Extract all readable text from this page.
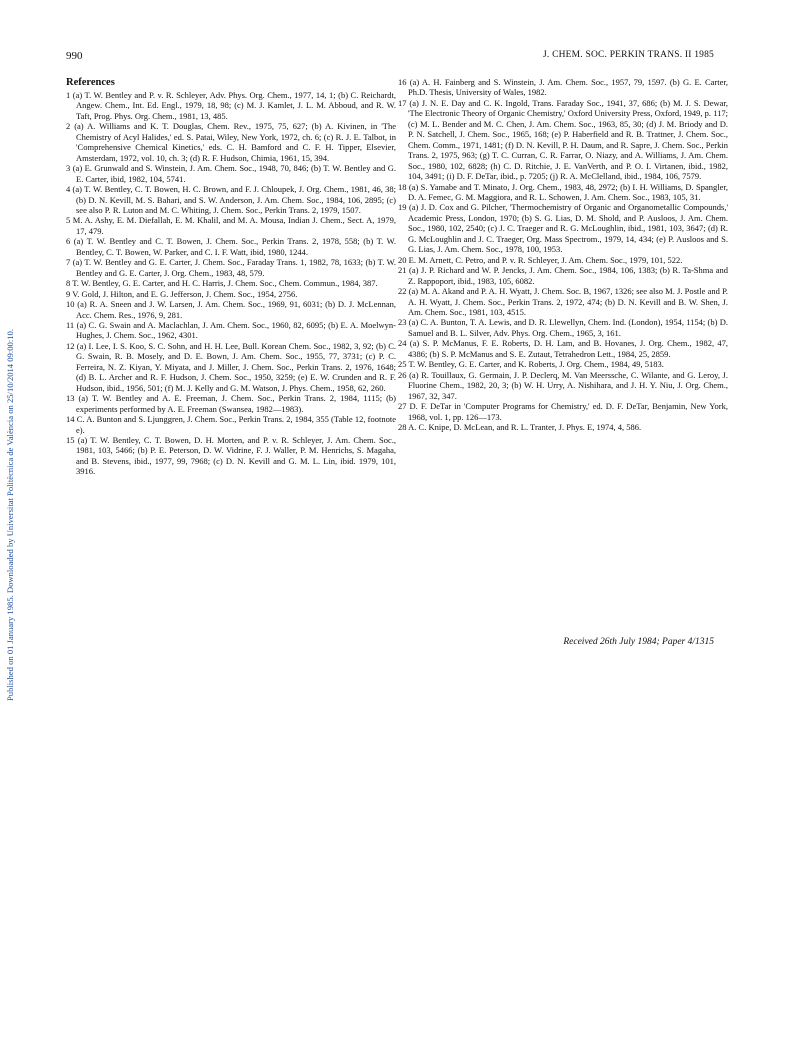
Published on 01 January 1985. Downloaded by Universitat Politècnica de València on 25/10/2014 09:00:10.
990	J. CHEM. SOC. PERKIN TRANS. II 1985
References

1 (a) T. W. Bentley and P. v. R. Schleyer, Adv. Phys. Org. Chem., 1977, 14, 1; (b) C. Reichardt, Angew. Chem., Int. Ed. Engl., 1979, 18, 98; (c) M. J. Kamlet, J. L. M. Abboud, and R. W. Taft, Prog. Phys. Org. Chem., 1981, 13, 485.

2 (a) A. Williams and K. T. Douglas, Chem. Rev., 1975, 75, 627; (b) A. Kivinen, in 'The Chemistry of Acyl Halides,' ed. S. Patai, Wiley, New York, 1972, ch. 6; (c) R. J. E. Talbot, in 'Comprehensive Chemical Kinetics,' eds. C. H. Bamford and C. F. H. Tipper, Elsevier, Amsterdam, 1972, vol. 10, ch. 3; (d) R. F. Hudson, Chimia, 1961, 15, 394.

3 (a) E. Grunwald and S. Winstein, J. Am. Chem. Soc., 1948, 70, 846; (b) T. W. Bentley and G. E. Carter, ibid, 1982, 104, 5741.

4 (a) T. W. Bentley, C. T. Bowen, H. C. Brown, and F. J. Chloupek, J. Org. Chem., 1981, 46, 38; (b) D. N. Kevill, M. S. Bahari, and S. W. Anderson, J. Am. Chem. Soc., 1984, 106, 2895; (c) see also P. R. Luton and M. C. Whiting, J. Chem. Soc., Perkin Trans. 2, 1979, 1507.

5 M. A. Ashy, E. M. Diefallah, E. M. Khalil, and M. A. Mousa, Indian J. Chem., Sect. A, 1979, 17, 479.

6 (a) T. W. Bentley and C. T. Bowen, J. Chem. Soc., Perkin Trans. 2, 1978, 558; (b) T. W. Bentley, C. T. Bowen, W. Parker, and C. I. F. Watt, ibid, 1980, 1244.

7 (a) T. W. Bentley and G. E. Carter, J. Chem. Soc., Faraday Trans. 1, 1982, 78, 1633; (b) T. W. Bentley and G. E. Carter, J. Org. Chem., 1983, 48, 579.

8 T. W. Bentley, G. E. Carter, and H. C. Harris, J. Chem. Soc., Chem. Commun., 1984, 387.

9 V. Gold, J. Hilton, and E. G. Jefferson, J. Chem. Soc., 1954, 2756.

10 (a) R. A. Sneen and J. W. Larsen, J. Am. Chem. Soc., 1969, 91, 6031; (b) D. J. McLennan, Acc. Chem. Res., 1976, 9, 281.

11 (a) C. G. Swain and A. Maclachlan, J. Am. Chem. Soc., 1960, 82, 6095; (b) E. A. Moelwyn-Hughes, J. Chem. Soc., 1962, 4301.

12 (a) I. Lee, I. S. Koo, S. C. Sohn, and H. H. Lee, Bull. Korean Chem. Soc., 1982, 3, 92; (b) C. G. Swain, R. B. Mosely, and D. E. Bown, J. Am. Chem. Soc., 1955, 77, 3731; (c) P. C. Ferreira, N. Z. Kiyan, Y. Miyata, and J. Miller, J. Chem. Soc., Perkin Trans. 2, 1976, 1648; (d) B. L. Archer and R. F. Hudson, J. Chem. Soc., 1950, 3259; (e) E. W. Crunden and R. F. Hudson, ibid., 1956, 501; (f) M. J. Kelly and G. M. Watson, J. Phys. Chem., 1958, 62, 260.

13 (a) T. W. Bentley and A. E. Freeman, J. Chem. Soc., Perkin Trans. 2, 1984, 1115; (b) experiments performed by A. E. Freeman (Swansea, 1982—1983).

14 C. A. Bunton and S. Ljunggren, J. Chem. Soc., Perkin Trans. 2, 1984, 355 (Table 12, footnote e).

15 (a) T. W. Bentley, C. T. Bowen, D. H. Morten, and P. v. R. Schleyer, J. Am. Chem. Soc., 1981, 103, 5466; (b) P. E. Peterson, D. W. Vidrine, F. J. Waller, P. M. Henrichs, S. Magaha, and B. Stevens, ibid., 1977, 99, 7968; (c) D. N. Kevill and G. M. L. Lin, ibid. 1979, 101, 3916.

16 (a) A. H. Fainberg and S. Winstein, J. Am. Chem. Soc., 1957, 79, 1597. (b) G. E. Carter, Ph.D. Thesis, University of Wales, 1982.

17 (a) J. N. E. Day and C. K. Ingold, Trans. Faraday Soc., 1941, 37, 686; (b) M. J. S. Dewar, 'The Electronic Theory of Organic Chemistry,' Oxford University Press, Oxford, 1949, p. 117; (c) M. L. Bender and M. C. Chen, J. Am. Chem. Soc., 1963, 85, 30; (d) J. M. Briody and D. P. N. Satchell, J. Chem. Soc., 1965, 168; (e) P. Haberfield and R. B. Trattner, J. Chem. Soc., Chem. Comm., 1971, 1481; (f) D. N. Kevill, P. H. Daum, and R. Sapre, J. Chem. Soc., Perkin Trans. 2, 1975, 963; (g) T. C. Curran, C. R. Farrar, O. Niazy, and A. Williams, J. Am. Chem. Soc., 1980, 102, 6828; (h) C. D. Ritchie, J. E. VanVerth, and P. O. I. Virtanen, ibid., 1982, 104, 3491; (i) D. F. DeTar, ibid., p. 7205; (j) R. A. McClelland, ibid., 1984, 106, 7579.

18 (a) S. Yamabe and T. Minato, J. Org. Chem., 1983, 48, 2972; (b) I. H. Williams, D. Spangler, D. A. Femec, G. M. Maggiora, and R. L. Schowen, J. Am. Chem. Soc., 1983, 105, 31.

19 (a) J. D. Cox and G. Pilcher, 'Thermochemistry of Organic and Organometallic Compounds,' Academic Press, London, 1970; (b) S. G. Lias, D. M. Shold, and P. Ausloos, J. Am. Chem. Soc., 1980, 102, 2540; (c) J. C. Traeger and R. G. McLoughlin, ibid., 1981, 103, 3647; (d) R. G. McLoughlin and J. C. Traeger, Org. Mass Spectrom., 1979, 14, 434; (e) P. Ausloos and S. G. Lias, J. Am. Chem. Soc., 1978, 100, 1953.

20 E. M. Arnett, C. Petro, and P. v. R. Schleyer, J. Am. Chem. Soc., 1979, 101, 522.

21 (a) J. P. Richard and W. P. Jencks, J. Am. Chem. Soc., 1984, 106, 1383; (b) R. Ta-Shma and Z. Rappoport, ibid., 1983, 105, 6082.

22 (a) M. A. Akand and P. A. H. Wyatt, J. Chem. Soc. B, 1967, 1326; see also M. J. Postle and P. A. H. Wyatt, J. Chem. Soc., Perkin Trans. 2, 1972, 474; (b) D. N. Kevill and B. W. Shen, J. Am. Chem. Soc., 1981, 103, 4515.

23 (a) C. A. Bunton, T. A. Lewis, and D. R. Llewellyn, Chem. Ind. (London), 1954, 1154; (b) D. Samuel and B. L. Silver, Adv. Phys. Org. Chem., 1965, 3, 161.

24 (a) S. P. McManus, F. E. Roberts, D. H. Lam, and B. Hovanes, J. Org. Chem., 1982, 47, 4386; (b) S. P. McManus and S. E. Zutaut, Tetrahedron Lett., 1984, 25, 2859.

25 T. W. Bentley, G. E. Carter, and K. Roberts, J. Org. Chem., 1984, 49, 5183.

26 (a) R. Touillaux, G. Germain, J. P. Declerq, M. Van Meerssche, C. Wilante, and G. Leroy, J. Fluorine Chem., 1982, 20, 3; (b) W. H. Urry, A. Nishihara, and J. H. Y. Niu, J. Org. Chem., 1967, 32, 347.

27 D. F. DeTar in 'Computer Programs for Chemistry,' ed. D. F. DeTar, Benjamin, New York, 1968, vol. 1, pp. 126—173.

28 A. C. Knipe, D. McLean, and R. L. Tranter, J. Phys. E, 1974, 4, 586.

Received 26th July 1984; Paper 4/1315
